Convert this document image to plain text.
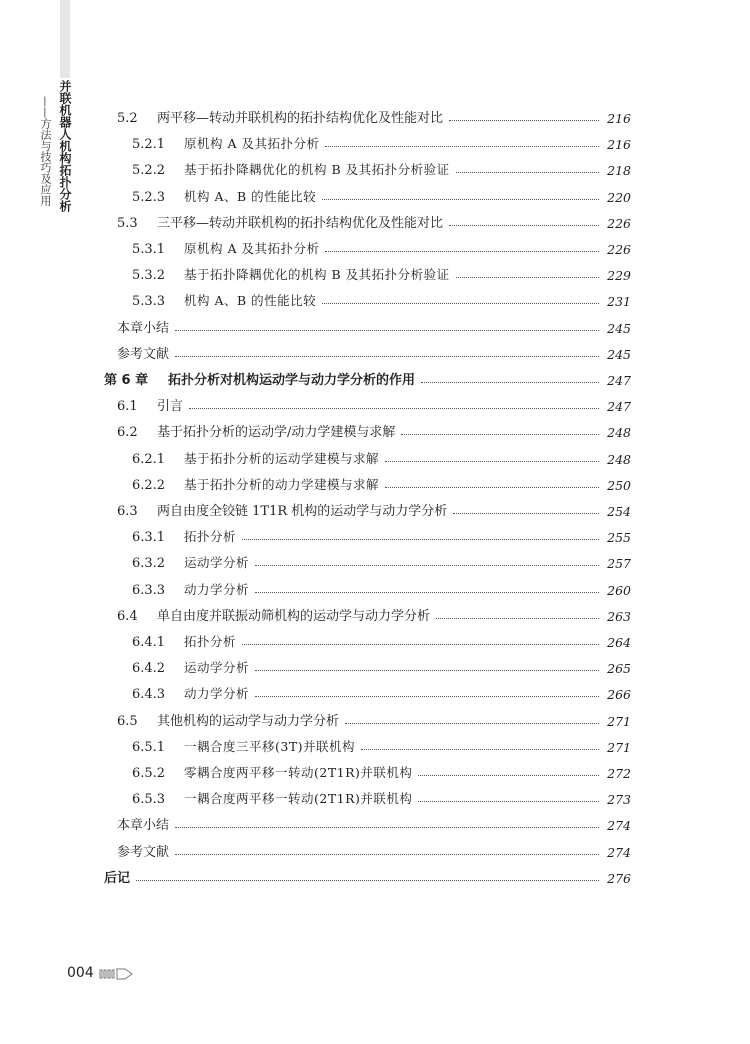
并联机器人机构拓扑分析
——方法与技巧及应用	5.2	两平移—转动并联机构的拓扑结构优化及性能对比	216
5.2.1	原机构 A 及其拓扑分析	216
5.2.2	基于拓扑降耦优化的机构 B 及其拓扑分析验证	218
5.2.3	机构 A、B 的性能比较	220
5.3	三平移—转动并联机构的拓扑结构优化及性能对比	226
5.3.1	原机构 A 及其拓扑分析	226
5.3.2	基于拓扑降耦优化的机构 B 及其拓扑分析验证	229
5.3.3	机构 A、B 的性能比较	231
本章小结	245
参考文献	245
第 6 章	拓扑分析对机构运动学与动力学分析的作用	247
6.1	引言	247
6.2	基于拓扑分析的运动学/动力学建模与求解	248
6.2.1	基于拓扑分析的运动学建模与求解	248
6.2.2	基于拓扑分析的动力学建模与求解	250
6.3	两自由度全铰链 1T1R 机构的运动学与动力学分析	254
6.3.1	拓扑分析	255
6.3.2	运动学分析	257
6.3.3	动力学分析	260
6.4	单自由度并联振动筛机构的运动学与动力学分析	263
6.4.1	拓扑分析	264
6.4.2	运动学分析	265
6.4.3	动力学分析	266
6.5	其他机构的运动学与动力学分析	271
6.5.1	一耦合度三平移(3T)并联机构	271
6.5.2	零耦合度两平移一转动(2T1R)并联机构	272
6.5.3	一耦合度两平移一转动(2T1R)并联机构	273
本章小结	274
参考文献	274
后记	276
004
